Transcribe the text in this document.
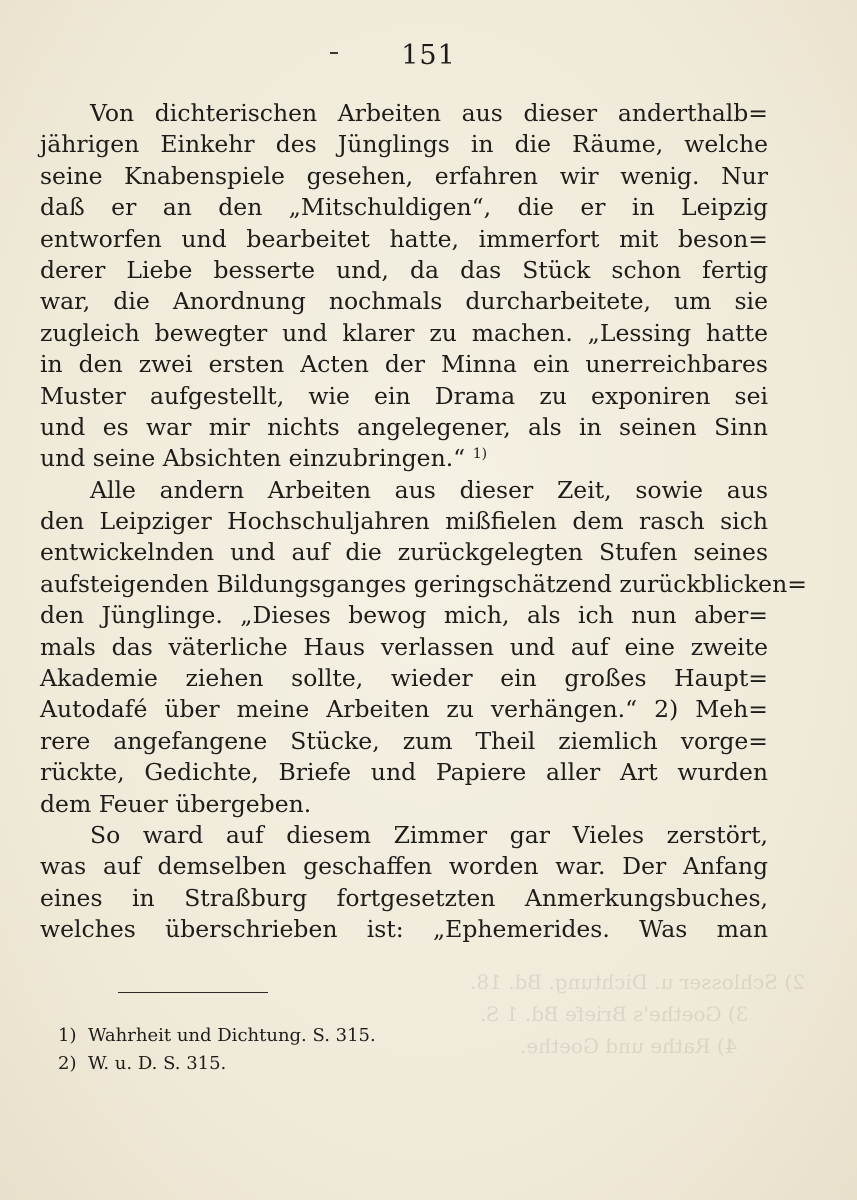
2) Schlosser u. Dichtung. Bd. 18.
3) Goethe's Briefe Bd. 1 S.
4) Rathe und Goethe.
151
Von dichterischen Arbeiten aus dieser anderthalb=
jährigen Einkehr des Jünglings in die Räume, welche
seine Knabenspiele gesehen, erfahren wir wenig. Nur
daß er an den „Mitschuldigen“, die er in Leipzig
entworfen und bearbeitet hatte, immerfort mit beson=
derer Liebe besserte und, da das Stück schon fertig
war, die Anordnung nochmals durcharbeitete, um sie
zugleich bewegter und klarer zu machen. „Lessing hatte
in den zwei ersten Acten der Minna ein unerreichbares
Muster aufgestellt, wie ein Drama zu exponiren sei
und es war mir nichts angelegener, als in seinen Sinn
und seine Absichten einzubringen.“ $^{1)}$
Alle andern Arbeiten aus dieser Zeit, sowie aus
den Leipziger Hochschuljahren mißfielen dem rasch sich
entwickelnden und auf die zurückgelegten Stufen seines
aufsteigenden Bildungsganges geringschätzend zurückblicken=
den Jünglinge. „Dieses bewog mich, als ich nun aber=
mals das väterliche Haus verlassen und auf eine zweite
Akademie ziehen sollte, wieder ein großes Haupt=
Autodafé über meine Arbeiten zu verhängen.“ 2) Meh=
rere angefangene Stücke, zum Theil ziemlich vorge=
rückte, Gedichte, Briefe und Papiere aller Art wurden
dem Feuer übergeben.
So ward auf diesem Zimmer gar Vieles zerstört,
was auf demselben geschaffen worden war. Der Anfang
eines in Straßburg fortgesetzten Anmerkungsbuches,
welches überschrieben ist: „Ephemerides. Was man
1) Wahrheit und Dichtung. S. 315.
2) W. u. D. S. 315.
